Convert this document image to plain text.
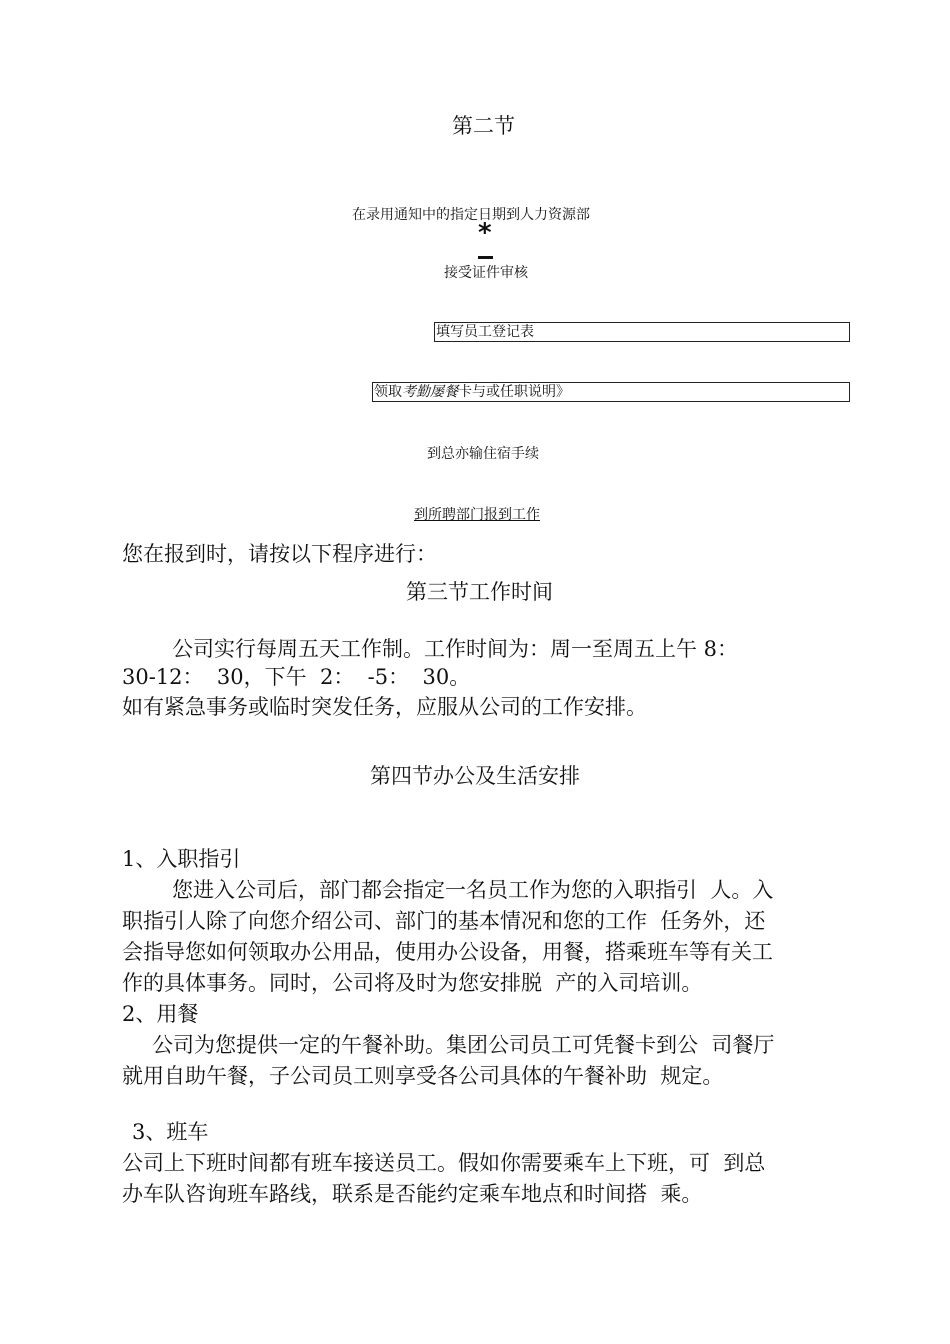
第二节
在录用通知中的指定日期到人力资源部
*
接受证件审核
填写员工登记表
领取考勤屡餐卡与或任职说明》
到总亦输住宿手续
到所聘部门报到工作
您在报到时，请按以下程序进行：
第三节工作时间
公司实行每周五天工作制。工作时间为：周一至周五上午 8：
30-12：  30，下午  2：  -5：  30。
如有紧急事务或临时突发任务，应服从公司的工作安排。
第四节办公及生活安排
1、入职指引
您进入公司后，部门都会指定一名员工作为您的入职指引  人。入
职指引人除了向您介绍公司、部门的基本情况和您的工作  任务外，还
会指导您如何领取办公用品，使用办公设备，用餐，搭乘班车等有关工
作的具体事务。同时，公司将及时为您安排脱  产的入司培训。
2、用餐
公司为您提供一定的午餐补助。集团公司员工可凭餐卡到公  司餐厅
就用自助午餐，子公司员工则享受各公司具体的午餐补助  规定。
3、班车
公司上下班时间都有班车接送员工。假如你需要乘车上下班，可  到总
办车队咨询班车路线，联系是否能约定乘车地点和时间搭  乘。
